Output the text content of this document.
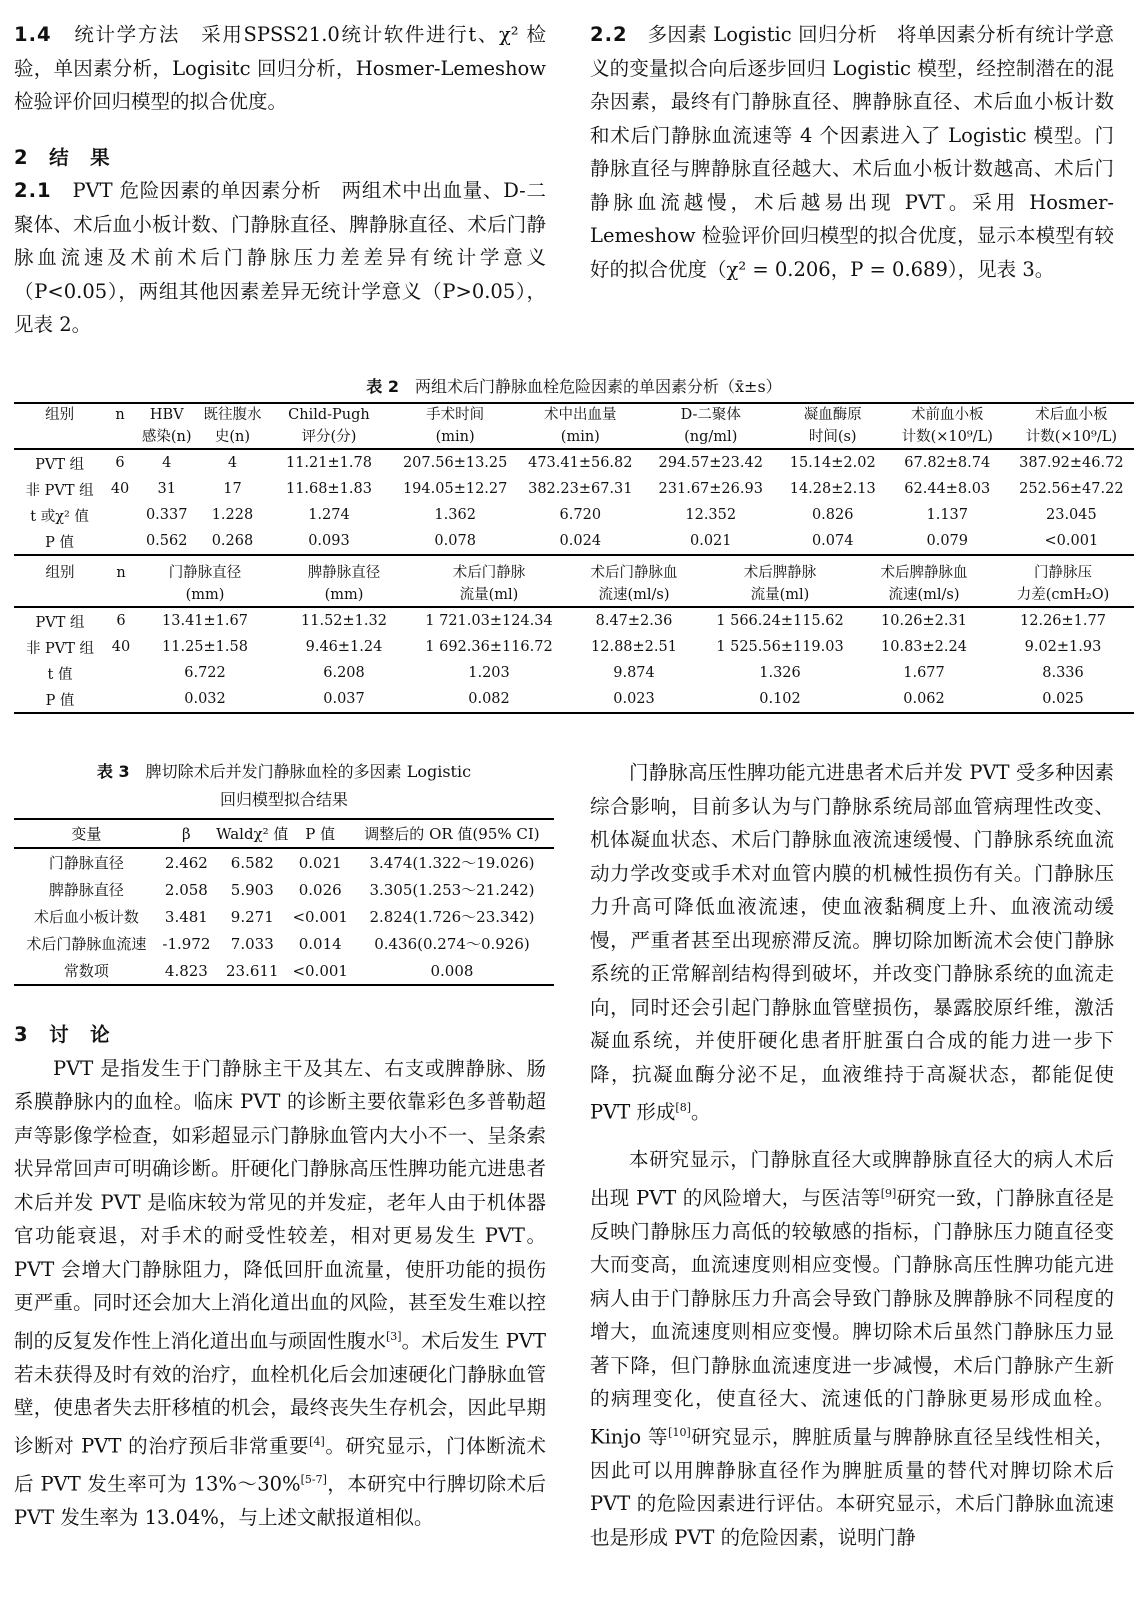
1.4　 统计学方法　 采用SPSS21.0统计软件进行t、χ² 检验，单因素分析，Logisitc 回归分析，Hosmer-Lemeshow 检验评价回归模型的拟合优度。

2　结　果

2.1　 PVT 危险因素的单因素分析　 两组术中出血量、D-二聚体、术后血小板计数、门静脉直径、脾静脉直径、术后门静脉血流速及术前术后门静脉压力差差异有统计学意义（P<0.05），两组其他因素差异无统计学意义（P>0.05），见表 2。

2.2　 多因素 Logistic 回归分析　 将单因素分析有统计学意义的变量拟合向后逐步回归 Logistic 模型，经控制潜在的混杂因素，最终有门静脉直径、脾静脉直径、术后血小板计数和术后门静脉血流速等 4 个因素进入了 Logistic 模型。门静脉直径与脾静脉直径越大、术后血小板计数越高、术后门静脉血流越慢，术后越易出现 PVT。采用 Hosmer-Lemeshow 检验评价回归模型的拟合优度，显示本模型有较好的拟合优度（χ² = 0.206，P = 0.689），见表 3。

表 2　 两组术后门静脉血栓危险因素的单因素分析（x̄±s）
组别	n	HBV	既往腹水	Child-Pugh	手术时间	术中出血量	D-二聚体	凝血酶原	术前血小板	术后血小板
		感染(n)	史(n)	评分(分)	(min)	(min)	(ng/ml)	时间(s)	计数(×10⁹/L)	计数(×10⁹/L)
PVT 组	6	4	4	11.21±1.78	207.56±13.25	473.41±56.82	294.57±23.42	15.14±2.02	67.82±8.74	387.92±46.72
非 PVT 组	40	31	17	11.68±1.83	194.05±12.27	382.23±67.31	231.67±26.93	14.28±2.13	62.44±8.03	252.56±47.22
t 或χ² 值		0.337	1.228	1.274	1.362	6.720	12.352	0.826	1.137	23.045
P 值		0.562	0.268	0.093	0.078	0.024	0.021	0.074	0.079	<0.001
组别	n	门静脉直径	脾静脉直径	术后门静脉	术后门静脉血	术后脾静脉	术后脾静脉血	门静脉压
		(mm)	(mm)	流量(ml)	流速(ml/s)	流量(ml)	流速(ml/s)	力差(cmH₂O)
PVT 组	6	13.41±1.67	11.52±1.32	1 721.03±124.34	8.47±2.36	1 566.24±115.62	10.26±2.31	12.26±1.77
非 PVT 组	40	11.25±1.58	9.46±1.24	1 692.36±116.72	12.88±2.51	1 525.56±119.03	10.83±2.24	9.02±1.93
t 值		6.722	6.208	1.203	9.874	1.326	1.677	8.336
P 值		0.032	0.037	0.082	0.023	0.102	0.062	0.025
表 3　 脾切除术后并发门静脉血栓的多因素 Logistic
回归模型拟合结果
变量	β	Waldχ² 值	P 值	调整后的 OR 值(95% CI)
门静脉直径	2.462	6.582	0.021	3.474(1.322～19.026)
脾静脉直径	2.058	5.903	0.026	3.305(1.253～21.242)
术后血小板计数	3.481	9.271	<0.001	2.824(1.726～23.342)
术后门静脉血流速	-1.972	7.033	0.014	0.436(0.274～0.926)
常数项	4.823	23.611	<0.001	0.008

3　讨　论

PVT 是指发生于门静脉主干及其左、右支或脾静脉、肠系膜静脉内的血栓。临床 PVT 的诊断主要依靠彩色多普勒超声等影像学检查，如彩超显示门静脉血管内大小不一、呈条索状异常回声可明确诊断。肝硬化门静脉高压性脾功能亢进患者术后并发 PVT 是临床较为常见的并发症，老年人由于机体器官功能衰退，对手术的耐受性较差，相对更易发生 PVT。PVT 会增大门静脉阻力，降低回肝血流量，使肝功能的损伤更严重。同时还会加大上消化道出血的风险，甚至发生难以控制的反复发作性上消化道出血与顽固性腹水[3]。术后发生 PVT 若未获得及时有效的治疗，血栓机化后会加速硬化门静脉血管壁，使患者失去肝移植的机会，最终丧失生存机会，因此早期诊断对 PVT 的治疗预后非常重要[4]。研究显示，门体断流术后 PVT 发生率可为 13%～30%[5-7]，本研究中行脾切除术后 PVT 发生率为 13.04%，与上述文献报道相似。

门静脉高压性脾功能亢进患者术后并发 PVT 受多种因素综合影响，目前多认为与门静脉系统局部血管病理性改变、机体凝血状态、术后门静脉血液流速缓慢、门静脉系统血流动力学改变或手术对血管内膜的机械性损伤有关。门静脉压力升高可降低血液流速，使血液黏稠度上升、血液流动缓慢，严重者甚至出现瘀滞反流。脾切除加断流术会使门静脉系统的正常解剖结构得到破坏，并改变门静脉系统的血流走向，同时还会引起门静脉血管壁损伤，暴露胶原纤维，激活凝血系统，并使肝硬化患者肝脏蛋白合成的能力进一步下降，抗凝血酶分泌不足，血液维持于高凝状态，都能促使 PVT 形成[8]。

本研究显示，门静脉直径大或脾静脉直径大的病人术后出现 PVT 的风险增大，与医洁等[9]研究一致，门静脉直径是反映门静脉压力高低的较敏感的指标，门静脉压力随直径变大而变高，血流速度则相应变慢。门静脉高压性脾功能亢进病人由于门静脉压力升高会导致门静脉及脾静脉不同程度的增大，血流速度则相应变慢。脾切除术后虽然门静脉压力显著下降，但门静脉血流速度进一步减慢，术后门静脉产生新的病理变化，使直径大、流速低的门静脉更易形成血栓。Kinjo 等[10]研究显示，脾脏质量与脾静脉直径呈线性相关，因此可以用脾静脉直径作为脾脏质量的替代对脾切除术后 PVT 的危险因素进行评估。本研究显示，术后门静脉血流速也是形成 PVT 的危险因素，说明门静
